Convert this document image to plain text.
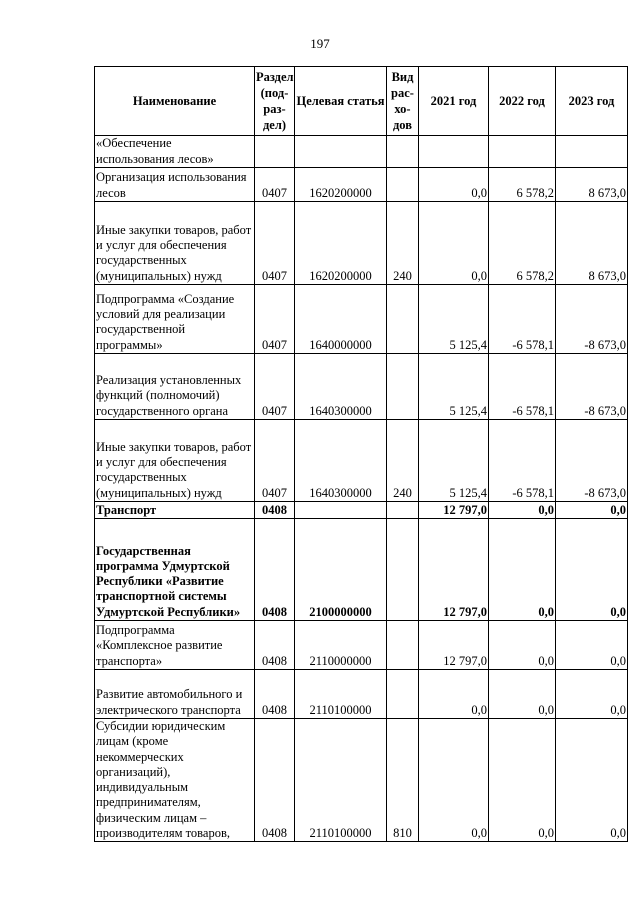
197
Наименование	Раздел (под-раз-дел)	Целевая статья	Вид рас-хо-дов	2021 год	2022 год	2023 год
«Обеспечение использования лесов»						
Организация использования лесов	0407	1620200000		0,0	6 578,2	8 673,0
Иные закупки товаров, работ и услуг для обеспечения государственных (муниципальных) нужд	0407	1620200000	240	0,0	6 578,2	8 673,0
Подпрограмма «Создание условий для реализации государственной программы»	0407	1640000000		5 125,4	-6 578,1	-8 673,0
Реализация установленных функций (полномочий) государственного органа	0407	1640300000		5 125,4	-6 578,1	-8 673,0
Иные закупки товаров, работ и услуг для обеспечения государственных (муниципальных) нужд	0407	1640300000	240	5 125,4	-6 578,1	-8 673,0
Транспорт	0408			12 797,0	0,0	0,0
Государственная программа Удмуртской Республики «Развитие транспортной системы Удмуртской Республики»	0408	2100000000		12 797,0	0,0	0,0
Подпрограмма «Комплексное развитие транспорта»	0408	2110000000		12 797,0	0,0	0,0
Развитие автомобильного и электрического транспорта	0408	2110100000		0,0	0,0	0,0
Субсидии юридическим лицам (кроме некоммерческих организаций), индивидуальным предпринимателям, физическим лицам – производителям товаров,	0408	2110100000	810	0,0	0,0	0,0
